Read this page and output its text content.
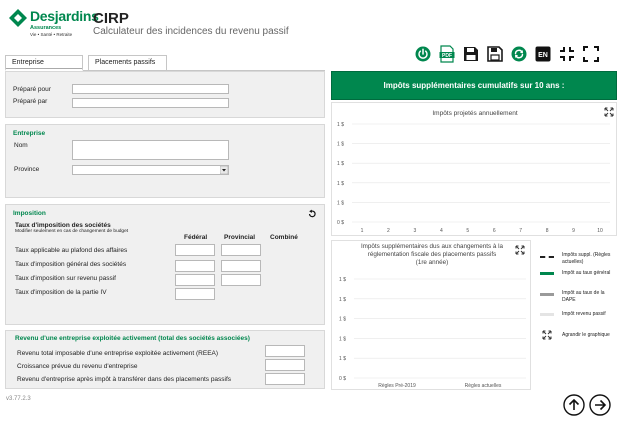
Desjardins
Assurances
Vie • Santé • Retraite
CIRP
Calculateur des incidences du revenu passif
PDF	EN
Entreprise	Placements passifs
Préparé pour
Préparé par
Entreprise
Nom
Province
Imposition
Taux d'imposition des sociétés
Modifier seulement en cas de changement de budget
Fédéral	Provincial Combiné
Taux applicable au plafond des affaires
Taux d'imposition général des sociétés
Taux d'imposition sur revenu passif
Taux d'imposition de la partie IV
Revenu d'une entreprise exploitée activement (total des sociétés associées)
Revenu total imposable d'une entreprise exploitée activement (REEA)
Croissance prévue du revenu d'entreprise
Revenu d'entreprise après impôt à transférer dans des placements passifs
v3.77.2.3
Impôts supplémentaires cumulatifs sur 10 ans :
Impôts projetés annuellement
1 $
1 $
1 $
1 $
1 $
0 $
1	2	3	4	5	6	7	8	9	10
Impôts supplémentaires dus aux changements à la réglementation fiscale des placements passifs
(1re année)
1 $
1 $
1 $
1 $
1 $
0 $
Règles Pré-2019	Règles actuelles
Impôts suppl. (Règles actuelles)
Impôt au taux général
Impôt au taux de la DAPE
Impôt revenu passif
Agrandir le graphique
